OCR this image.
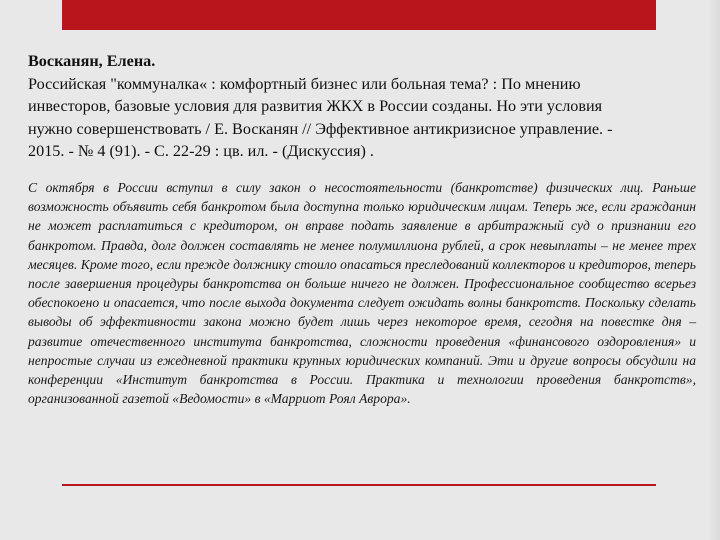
Восканян, Елена.
Российская "коммуналка« : комфортный бизнес или больная тема? : По мнению
инвесторов, базовые условия для развития ЖКХ в России созданы. Но эти условия
нужно совершенствовать / Е. Восканян // Эффективное антикризисное управление. -
2015. - № 4 (91). - С. 22-29 : цв. ил. - (Дискуссия) .
С октября в России вступил в силу закон о несостоятельности (банкротстве) физических лиц. Раньше возможность объявить себя банкротом была доступна только юридическим лицам. Теперь же, если гражданин не может расплатиться с кредитором, он вправе подать заявление в арбитражный суд о признании его банкротом. Правда, долг должен составлять не менее полумиллиона рублей, а срок невыплаты – не менее трех месяцев. Кроме того, если прежде должнику стоило опасаться преследований коллекторов и кредиторов, теперь после завершения процедуры банкротства он больше ничего не должен. Профессиональное сообщество всерьез обеспокоено и опасается, что после выхода документа следует ожидать волны банкротств. Поскольку сделать выводы об эффективности закона можно будет лишь через некоторое время, сегодня на повестке дня – развитие отечественного института банкротства, сложности проведения «финансового оздоровления» и непростые случаи из ежедневной практики крупных юридических компаний. Эти и другие вопросы обсудили на конференции «Институт банкротства в России. Практика и технологии проведения банкротств», организованной газетой «Ведомости» в «Марриот Роял Аврора».
